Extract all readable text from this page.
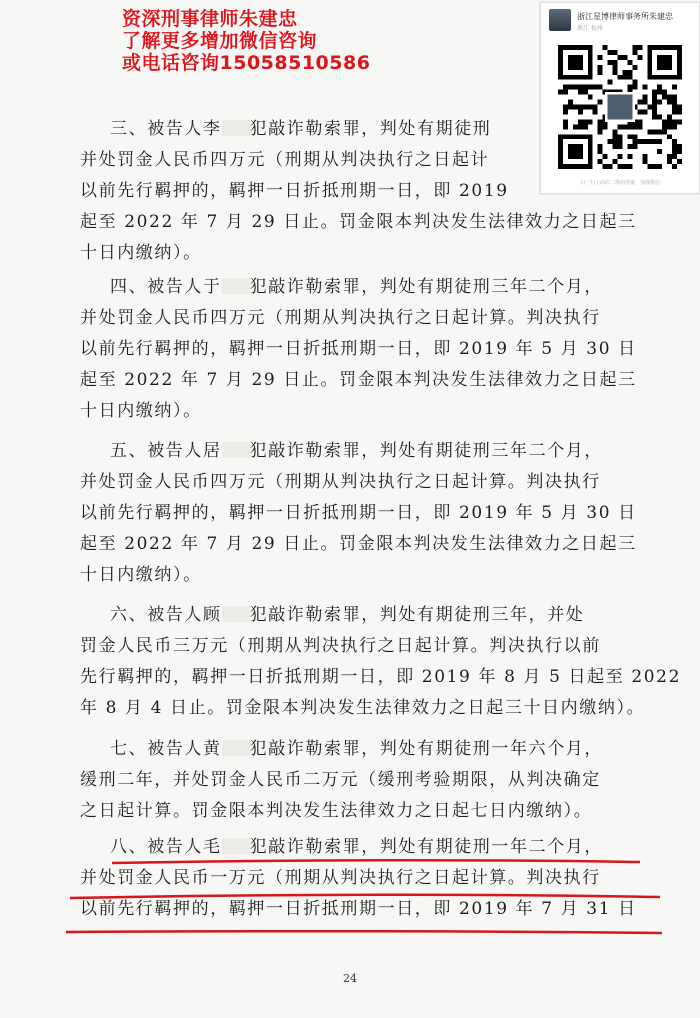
资深刑事律师朱建忠
了解更多增加微信咨询
或电话咨询15058510586
浙江星博律师事务所朱建忠
浙江 杭州
扫一扫上面的二维码图案，加我微信
三、被告人李 犯敲诈勒索罪，判处有期徒刑
并处罚金人民币四万元（刑期从判决执行之日起计
以前先行羁押的，羁押一日折抵刑期一日，即 2019
起至 2022 年 7 月 29 日止。罚金限本判决发生法律效力之日起三
十日内缴纳）。
四、被告人于 犯敲诈勒索罪，判处有期徒刑三年二个月，
并处罚金人民币四万元（刑期从判决执行之日起计算。判决执行
以前先行羁押的，羁押一日折抵刑期一日，即 2019 年 5 月 30 日
起至 2022 年 7 月 29 日止。罚金限本判决发生法律效力之日起三
十日内缴纳）。
五、被告人居 犯敲诈勒索罪，判处有期徒刑三年二个月，
并处罚金人民币四万元（刑期从判决执行之日起计算。判决执行
以前先行羁押的，羁押一日折抵刑期一日，即 2019 年 5 月 30 日
起至 2022 年 7 月 29 日止。罚金限本判决发生法律效力之日起三
十日内缴纳）。
六、被告人顾 犯敲诈勒索罪，判处有期徒刑三年，并处
罚金人民币三万元（刑期从判决执行之日起计算。判决执行以前
先行羁押的，羁押一日折抵刑期一日，即 2019 年 8 月 5 日起至 2022
年 8 月 4 日止。罚金限本判决发生法律效力之日起三十日内缴纳）。
七、被告人黄 犯敲诈勒索罪，判处有期徒刑一年六个月，
缓刑二年，并处罚金人民币二万元（缓刑考验期限，从判决确定
之日起计算。罚金限本判决发生法律效力之日起七日内缴纳）。
八、被告人毛 犯敲诈勒索罪，判处有期徒刑一年二个月，
并处罚金人民币一万元（刑期从判决执行之日起计算。判决执行
以前先行羁押的，羁押一日折抵刑期一日，即 2019 年 7 月 31 日
24
